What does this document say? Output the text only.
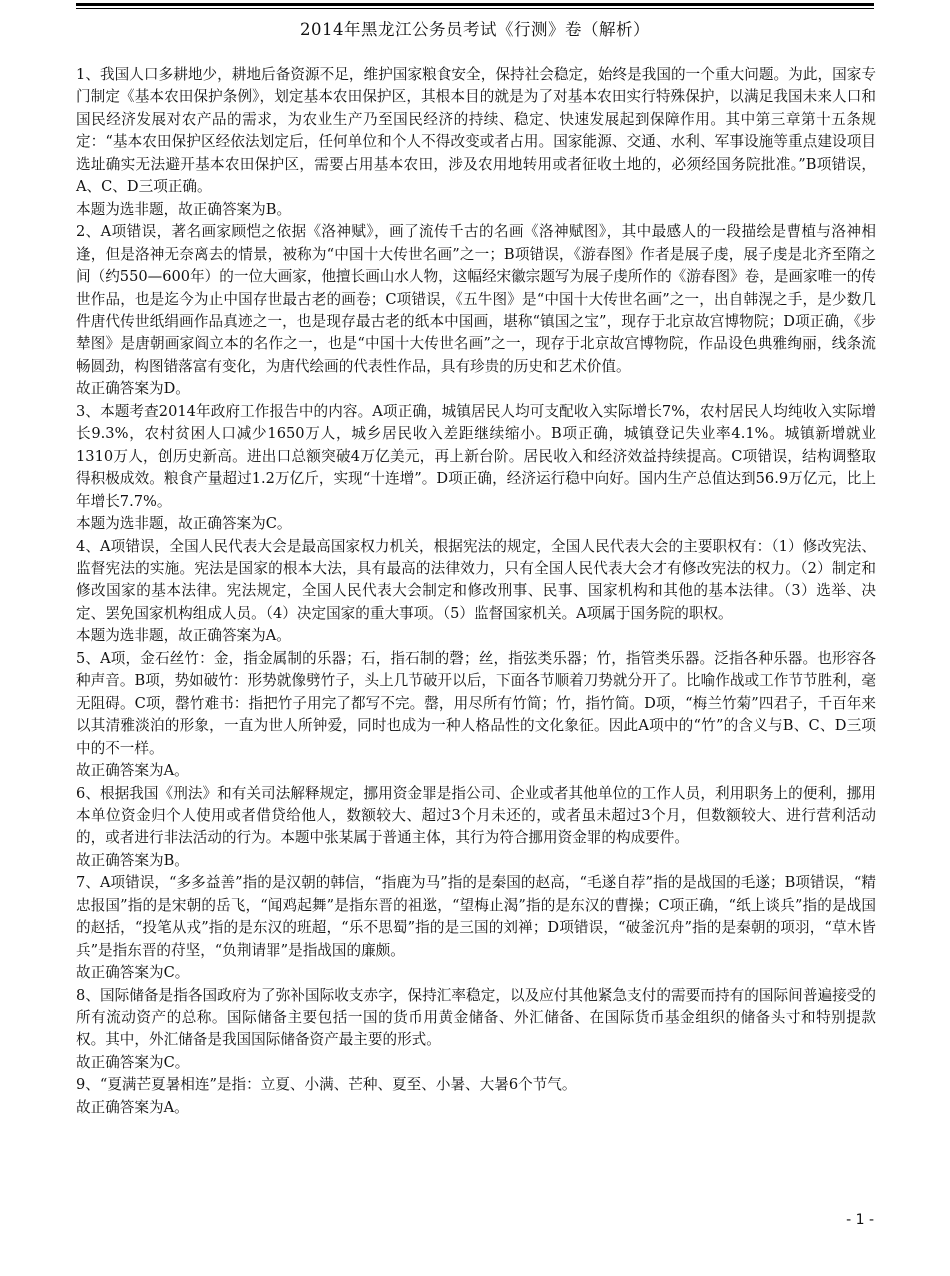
2014年黑龙江公务员考试《行测》卷（解析）

1、我国人口多耕地少，耕地后备资源不足，维护国家粮食安全，保持社会稳定，始终是我国的一个重大问题。为此，国家专门制定《基本农田保护条例》，划定基本农田保护区，其根本目的就是为了对基本农田实行特殊保护，以满足我国未来人口和国民经济发展对农产品的需求，为农业生产乃至国民经济的持续、稳定、快速发展起到保障作用。其中第三章第十五条规定：“基本农田保护区经依法划定后，任何单位和个人不得改变或者占用。国家能源、交通、水利、军事设施等重点建设项目选址确实无法避开基本农田保护区，需要占用基本农田，涉及农用地转用或者征收土地的，必须经国务院批准。”B项错误，A、C、D三项正确。

本题为选非题，故正确答案为B。

2、A项错误，著名画家顾恺之依据《洛神赋》，画了流传千古的名画《洛神赋图》，其中最感人的一段描绘是曹植与洛神相逢，但是洛神无奈离去的情景，被称为“中国十大传世名画”之一；B项错误，《游春图》作者是展子虔，展子虔是北齐至隋之间（约550—600年）的一位大画家，他擅长画山水人物，这幅经宋徽宗题写为展子虔所作的《游春图》卷，是画家唯一的传世作品，也是迄今为止中国存世最古老的画卷；C项错误，《五牛图》是“中国十大传世名画”之一，出自韩滉之手，是少数几件唐代传世纸绢画作品真迹之一，也是现存最古老的纸本中国画，堪称“镇国之宝”，现存于北京故宫博物院；D项正确，《步辇图》是唐朝画家阎立本的名作之一，也是“中国十大传世名画”之一，现存于北京故宫博物院，作品设色典雅绚丽，线条流畅圆劲，构图错落富有变化，为唐代绘画的代表性作品，具有珍贵的历史和艺术价值。

故正确答案为D。

3、本题考查2014年政府工作报告中的内容。A项正确，城镇居民人均可支配收入实际增长7%，农村居民人均纯收入实际增长9.3%，农村贫困人口减少1650万人，城乡居民收入差距继续缩小。B项正确，城镇登记失业率4.1%。城镇新增就业1310万人，创历史新高。进出口总额突破4万亿美元，再上新台阶。居民收入和经济效益持续提高。C项错误，结构调整取得积极成效。粮食产量超过1.2万亿斤，实现“十连增”。D项正确，经济运行稳中向好。国内生产总值达到56.9万亿元，比上年增长7.7%。

本题为选非题，故正确答案为C。

4、A项错误，全国人民代表大会是最高国家权力机关，根据宪法的规定，全国人民代表大会的主要职权有：（1）修改宪法、监督宪法的实施。宪法是国家的根本大法，具有最高的法律效力，只有全国人民代表大会才有修改宪法的权力。（2）制定和修改国家的基本法律。宪法规定，全国人民代表大会制定和修改刑事、民事、国家机构和其他的基本法律。（3）选举、决定、罢免国家机构组成人员。（4）决定国家的重大事项。（5）监督国家机关。A项属于国务院的职权。

本题为选非题，故正确答案为A。

5、A项，金石丝竹：金，指金属制的乐器；石，指石制的磬；丝，指弦类乐器；竹，指管类乐器。泛指各种乐器。也形容各种声音。B项，势如破竹：形势就像劈竹子，头上几节破开以后，下面各节顺着刀势就分开了。比喻作战或工作节节胜利，毫无阻碍。C项，罄竹难书：指把竹子用完了都写不完。罄，用尽所有竹简；竹，指竹简。D项，“梅兰竹菊”四君子，千百年来以其清雅淡泊的形象，一直为世人所钟爱，同时也成为一种人格品性的文化象征。因此A项中的“竹”的含义与B、C、D三项中的不一样。

故正确答案为A。

6、根据我国《刑法》和有关司法解释规定，挪用资金罪是指公司、企业或者其他单位的工作人员，利用职务上的便利，挪用本单位资金归个人使用或者借贷给他人，数额较大、超过3个月未还的，或者虽未超过3个月，但数额较大、进行营利活动的，或者进行非法活动的行为。本题中张某属于普通主体，其行为符合挪用资金罪的构成要件。

故正确答案为B。

7、A项错误，“多多益善”指的是汉朝的韩信，“指鹿为马”指的是秦国的赵高，“毛遂自荐”指的是战国的毛遂；B项错误，“精忠报国”指的是宋朝的岳飞，“闻鸡起舞”是指东晋的祖逖，“望梅止渴”指的是东汉的曹操；C项正确，“纸上谈兵”指的是战国的赵括，“投笔从戎”指的是东汉的班超，“乐不思蜀”指的是三国的刘禅；D项错误，“破釜沉舟”指的是秦朝的项羽，“草木皆兵”是指东晋的苻坚，“负荆请罪”是指战国的廉颇。

故正确答案为C。

8、国际储备是指各国政府为了弥补国际收支赤字，保持汇率稳定，以及应付其他紧急支付的需要而持有的国际间普遍接受的所有流动资产的总称。国际储备主要包括一国的货币用黄金储备、外汇储备、在国际货币基金组织的储备头寸和特别提款权。其中，外汇储备是我国国际储备资产最主要的形式。

故正确答案为C。

9、“夏满芒夏暑相连”是指：立夏、小满、芒种、夏至、小暑、大暑6个节气。

故正确答案为A。

- 1 -
